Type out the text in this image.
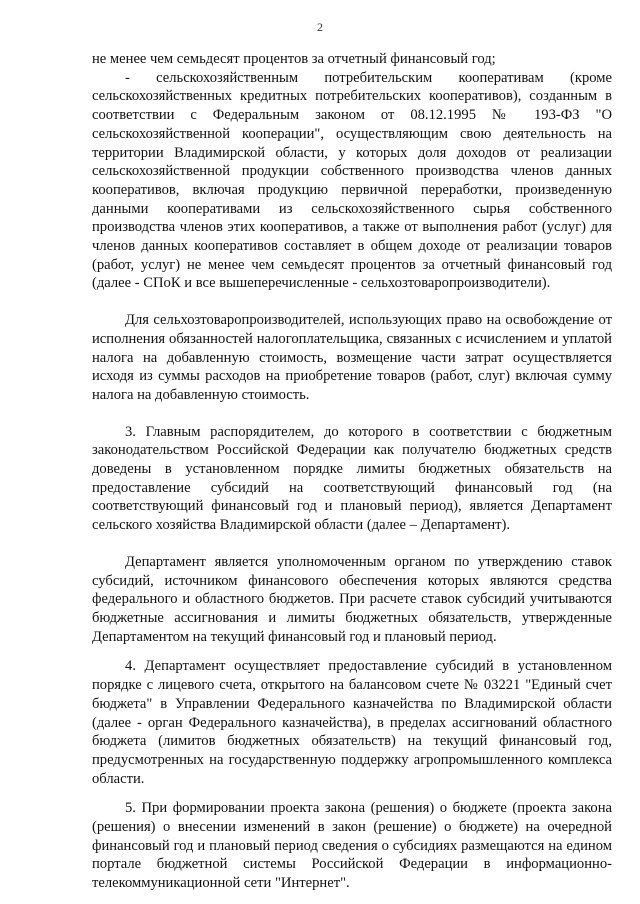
2

не менее чем семьдесят процентов за отчетный финансовый год;

- сельскохозяйственным потребительским кооперативам (кроме сельскохозяйственных кредитных потребительских кооперативов), созданным в соответствии с Федеральным законом от 08.12.1995 № 193-ФЗ "О сельскохозяйственной кооперации", осуществляющим свою деятельность на территории Владимирской области, у которых доля доходов от реализации сельскохозяйственной продукции собственного производства членов данных кооперативов, включая продукцию первичной переработки, произведенную данными кооперативами из сельскохозяйственного сырья собственного производства членов этих кооперативов, а также от выполнения работ (услуг) для членов данных кооперативов составляет в общем доходе от реализации товаров (работ, услуг) не менее чем семьдесят процентов за отчетный финансовый год (далее - СПоК и все вышеперечисленные - сельхозтоваропроизводители).

Для сельхозтоваропроизводителей, использующих право на освобождение от исполнения обязанностей налогоплательщика, связанных с исчислением и уплатой налога на добавленную стоимость, возмещение части затрат осуществляется исходя из суммы расходов на приобретение товаров (работ, слуг) включая сумму налога на добавленную стоимость.

3. Главным распорядителем, до которого в соответствии с бюджетным законодательством Российской Федерации как получателю бюджетных средств доведены в установленном порядке лимиты бюджетных обязательств на предоставление субсидий на соответствующий финансовый год (на соответствующий финансовый год и плановый период), является Департамент сельского хозяйства Владимирской области (далее – Департамент).

Департамент является уполномоченным органом по утверждению ставок субсидий, источником финансового обеспечения которых являются средства федерального и областного бюджетов. При расчете ставок субсидий учитываются бюджетные ассигнования и лимиты бюджетных обязательств, утвержденные Департаментом на текущий финансовый год и плановый период.

4. Департамент осуществляет предоставление субсидий в установленном порядке с лицевого счета, открытого на балансовом счете № 03221 "Единый счет бюджета" в Управлении Федерального казначейства по Владимирской области (далее - орган Федерального казначейства), в пределах ассигнований областного бюджета (лимитов бюджетных обязательств) на текущий финансовый год, предусмотренных на государственную поддержку агропромышленного комплекса области.

5. При формировании проекта закона (решения) о бюджете (проекта закона (решения) о внесении изменений в закон (решение) о бюджете) на очередной финансовый год и плановый период сведения о субсидиях размещаются на едином портале бюджетной системы Российской Федерации в информационно-телекоммуникационной сети "Интернет".
